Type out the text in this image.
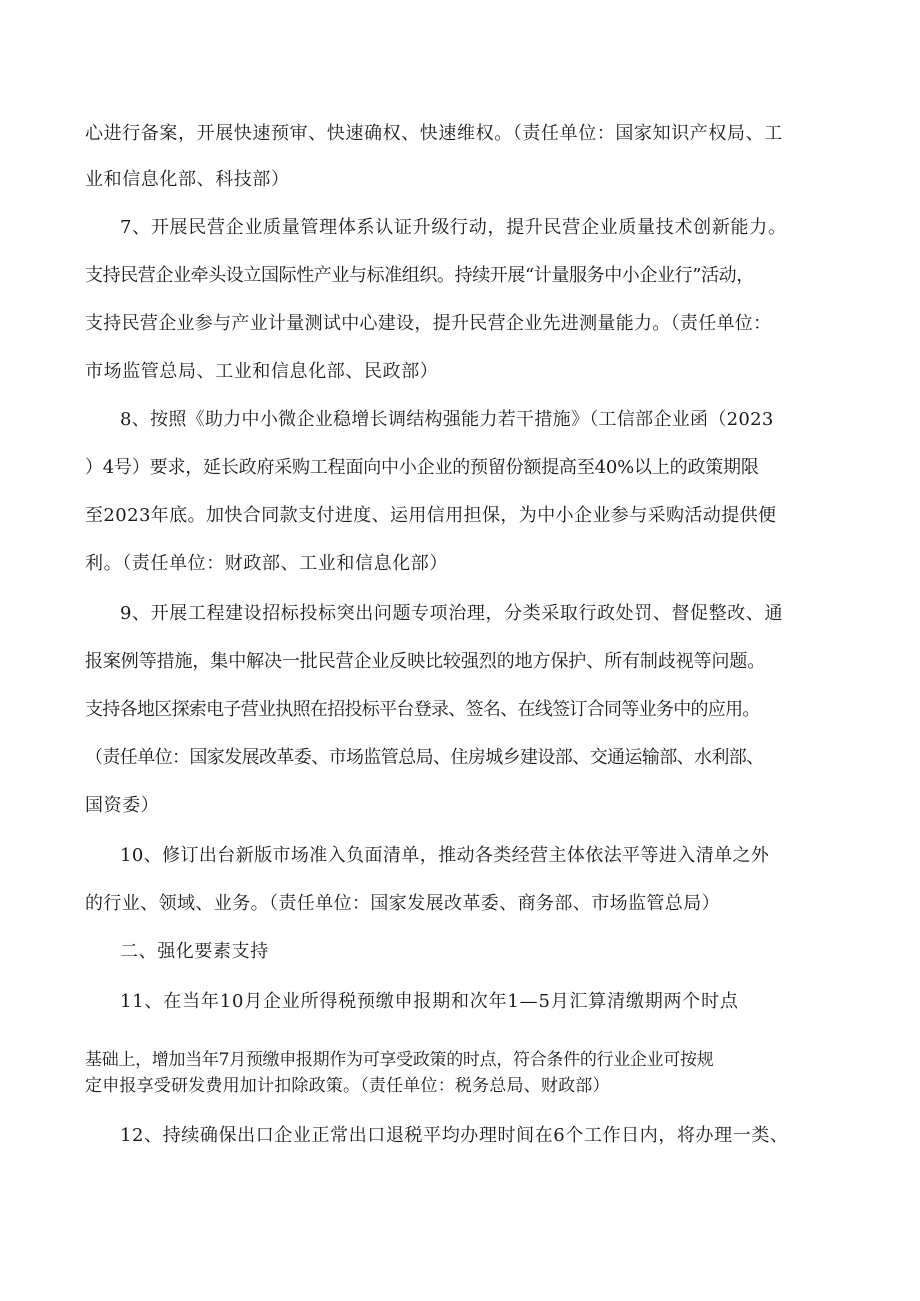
心进行备案，开展快速预审、快速确权、快速维权。（责任单位：国家知识产权局、工
业和信息化部、科技部）
7、开展民营企业质量管理体系认证升级行动，提升民营企业质量技术创新能力。
支持民营企业牵头设立国际性产业与标准组织。持续开展“计量服务中小企业行”活动，
支持民营企业参与产业计量测试中心建设，提升民营企业先进测量能力。（责任单位：
市场监管总局、工业和信息化部、民政部）
8、按照《助力中小微企业稳增长调结构强能力若干措施》（工信部企业函（2023
）4号）要求，延长政府采购工程面向中小企业的预留份额提高至40%以上的政策期限
至2023年底。加快合同款支付进度、运用信用担保，为中小企业参与采购活动提供便
利。（责任单位：财政部、工业和信息化部）
9、开展工程建设招标投标突出问题专项治理，分类采取行政处罚、督促整改、通
报案例等措施，集中解决一批民营企业反映比较强烈的地方保护、所有制歧视等问题。
支持各地区探索电子营业执照在招投标平台登录、签名、在线签订合同等业务中的应用。
（责任单位：国家发展改革委、市场监管总局、住房城乡建设部、交通运输部、水利部、
国资委）
10、修订出台新版市场准入负面清单，推动各类经营主体依法平等进入清单之外
的行业、领域、业务。（责任单位：国家发展改革委、商务部、市场监管总局）
二、强化要素支持
11、在当年10月企业所得税预缴申报期和次年1—5月汇算清缴期两个时点
基础上，增加当年7月预缴申报期作为可享受政策的时点，符合条件的行业企业可按规
定申报享受研发费用加计扣除政策。（责任单位：税务总局、财政部）
12、持续确保出口企业正常出口退税平均办理时间在6个工作日内，将办理一类、
